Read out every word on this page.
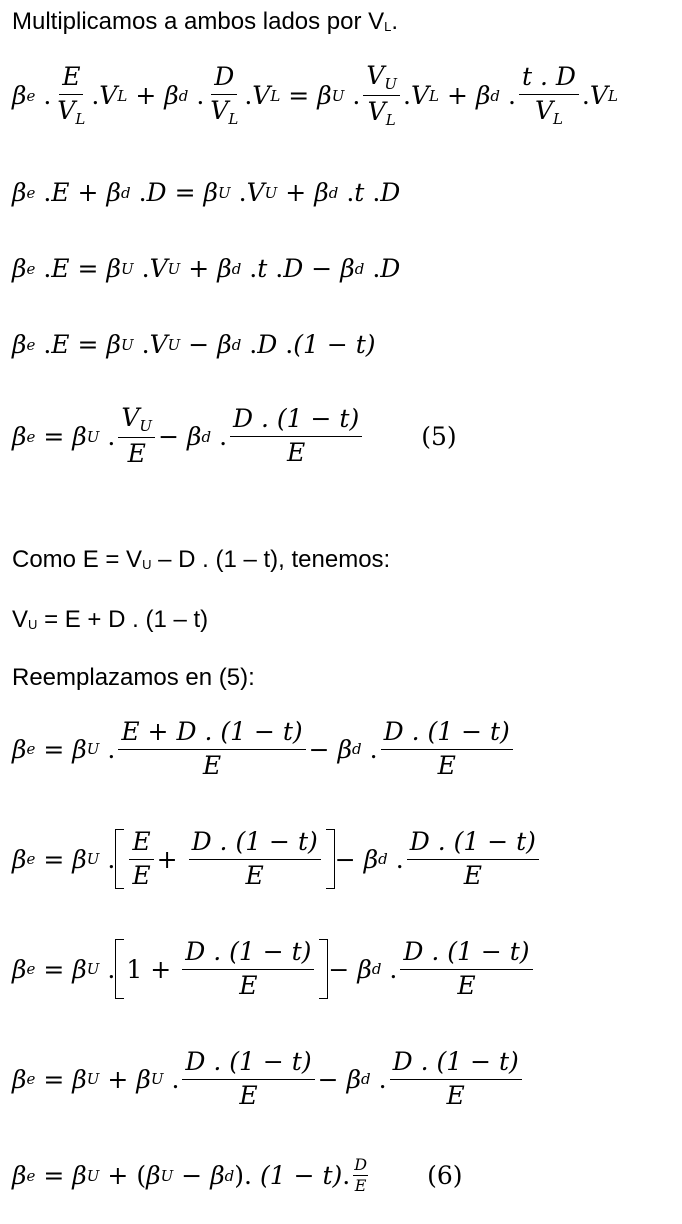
Multiplicamos a ambos lados por $V_L$.
β e . $\frac{E}{V_L}$ . V L + β d . $\frac{D}{V_L}$ . V L = β U . $\frac{V_U}{V_L}$ . V L + β d . $\frac{t . D}{V_L}$ . V L
β e . E + β d . D = β U . V U + β d . t . D
β e . E = β U . V U + β d . t . D − β d . D
β e . E = β U . V U − β d . D . (1 − t)
β e = β U . $\frac{V_U}{E} - \beta$ d . $\frac{D . (1 - t)}{E} (5)$
Como $E = V_U - D$ . (1 – t), tenemos:
$V_U = E + D$ . (1 – t)
Reemplazamos en (5):
β e = β U . $\frac{E + D . (1 - t)}{E} - \beta$ d . $\frac{D . (1 - t)}{E}$
β e = β U . $\frac{E}{E} + \frac{D . (1 - t)}{E} - \beta$ d . $\frac{D . (1 - t)}{E}$
β e = β U . $1 + \frac{D . (1 - t)}{E} - \beta$ d . $\frac{D . (1 - t)}{E}$
β e = β U + β U . $\frac{D . (1 - t)}{E} - \beta$ d . $\frac{D . (1 - t)}{E}$
β e = β U + ( β U − β d ) . (1 − t) . $\frac{D}{E} (6)$
